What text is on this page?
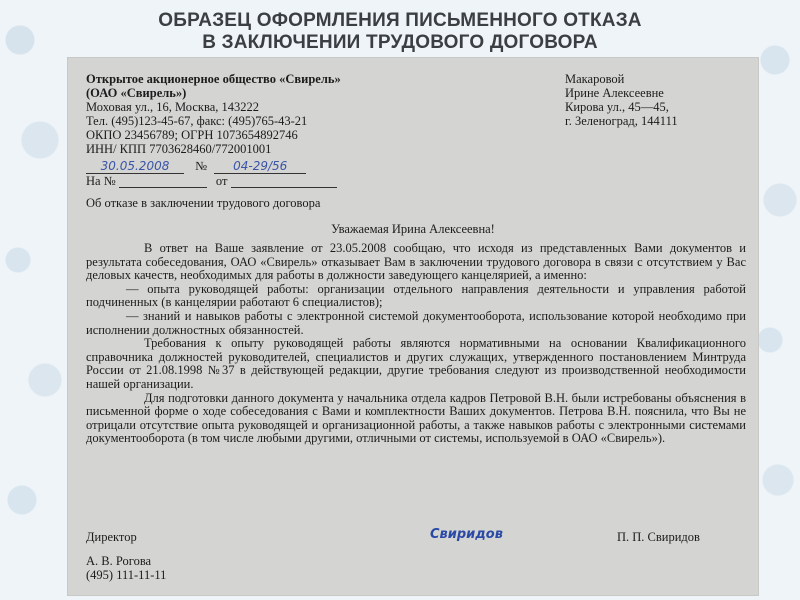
ОБРАЗЕЦ ОФОРМЛЕНИЯ ПИСЬМЕННОГО ОТКАЗА
В ЗАКЛЮЧЕНИИ ТРУДОВОГО ДОГОВОРА
Открытое акционерное общество «Свирель»
(ОАО «Свирель»)
Моховая ул., 16, Москва, 143222
Тел. (495)123-45-67, факс: (495)765-43-21
ОКПО 23456789; ОГРН 1073654892746
ИНН/ КПП 7703628460/772001001
Макаровой
Ирине Алексеевне
Кирова ул., 45—45,
г. Зеленоград, 144111
30.05.2008 № 04-29/56
На №	от
Об отказе в заключении трудового договора
Уважаемая Ирина Алексеевна!

В ответ на Ваше заявление от 23.05.2008 сообщаю, что исходя из представленных Вами документов и результата собеседования, ОАО «Свирель» отказывает Вам в заключении трудового договора в связи с отсутствием у Вас деловых качеств, необходимых для работы в должности заведующего канцелярией, а именно:

— опыта руководящей работы: организации отдельного направления деятельности и управления работой подчиненных (в канцелярии работают 6 специалистов);

— знаний и навыков работы с электронной системой документооборота, использование которой необходимо при исполнении должностных обязанностей.

Требования к опыту руководящей работы являются нормативными на основании Квалификационного справочника должностей руководителей, специалистов и других служащих, утвержденного постановлением Минтруда России от 21.08.1998 №37 в действующей редакции, другие требования следуют из производственной необходимости нашей организации.

Для подготовки данного документа у начальника отдела кадров Петровой В.Н. были истребованы объяснения в письменной форме о ходе собеседования с Вами и комплектности Ваших документов. Петрова В.Н. пояснила, что Вы не отрицали отсутствие опыта руководящей и организационной работы, а также навыков работы с электронными системами документооборота (в том числе любыми другими, отличными от системы, используемой в ОАО «Свирель»).

Директор	Свиридов	П. П. Свиридов
А. В. Рогова
(495) 111-11-11
